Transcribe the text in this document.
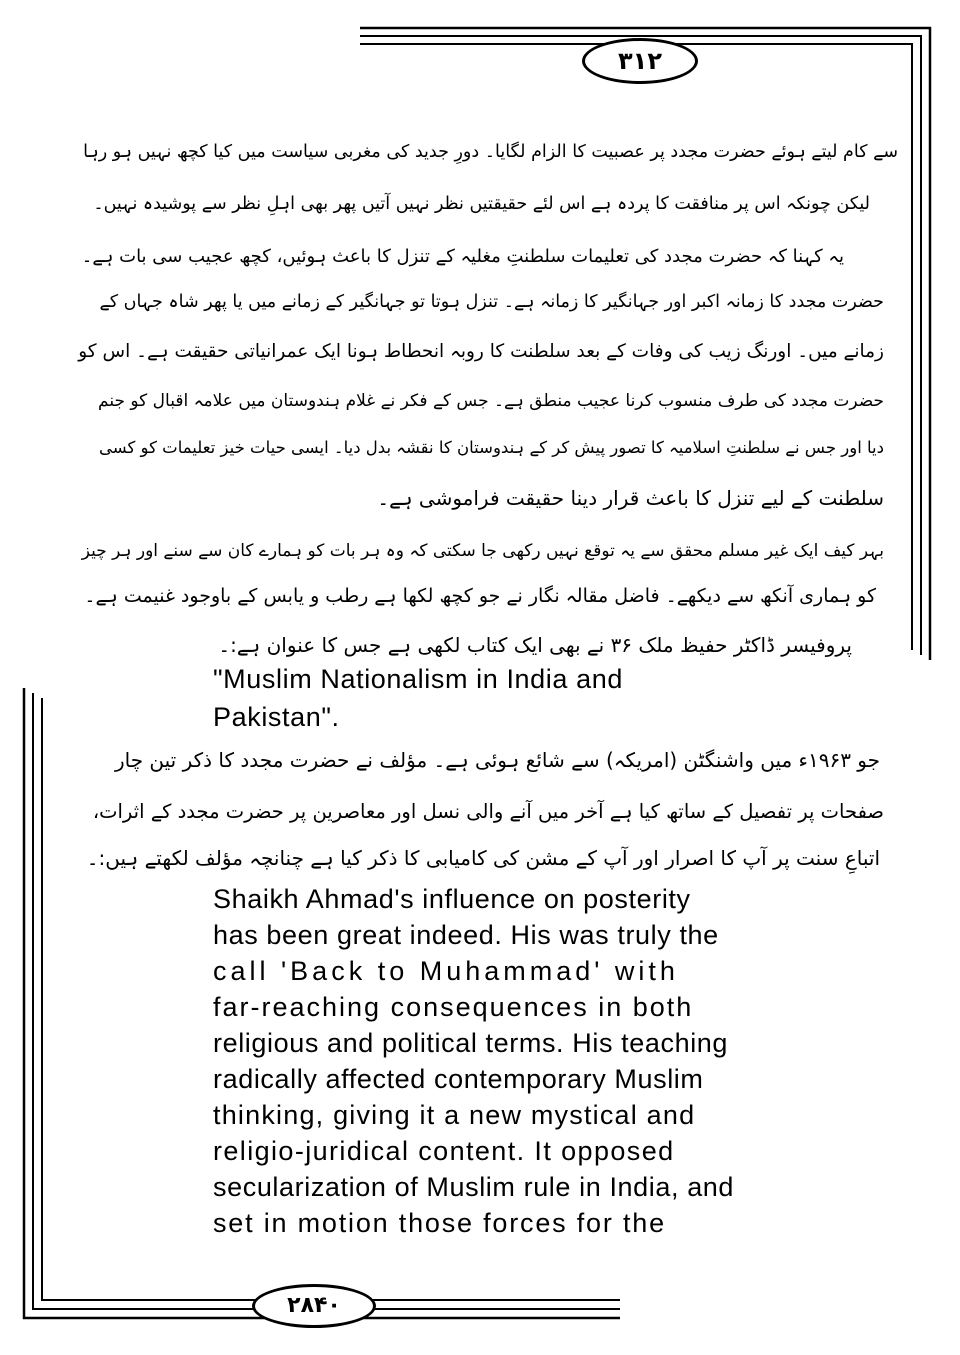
۳۱۲
۲۸۴۰
سے کام لیتے ہوئے حضرت مجدد پر عصبیت کا الزام لگایا۔ دورِ جدید کی مغربی سیاست میں کیا کچھ نہیں ہو رہا
لیکن چونکہ اس پر منافقت کا پردہ ہے اس لئے حقیقتیں نظر نہیں آتیں پھر بھی اہلِ نظر سے پوشیدہ نہیں۔
یہ کہنا کہ حضرت مجدد کی تعلیمات سلطنتِ مغلیہ کے تنزل کا باعث ہوئیں، کچھ عجیب سی بات ہے۔
حضرت مجدد کا زمانہ اکبر اور جہانگیر کا زمانہ ہے۔ تنزل ہوتا تو جہانگیر کے زمانے میں یا پھر شاہ جہاں کے
زمانے میں۔ اورنگ زیب کی وفات کے بعد سلطنت کا روبہ انحطاط ہونا ایک عمرانیاتی حقیقت ہے۔ اس کو
حضرت مجدد کی طرف منسوب کرنا عجیب منطق ہے۔ جس کے فکر نے غلام ہندوستان میں علامہ اقبال کو جنم
دیا اور جس نے سلطنتِ اسلامیہ کا تصور پیش کر کے ہندوستان کا نقشہ بدل دیا۔ ایسی حیات خیز تعلیمات کو کسی
سلطنت کے لیے تنزل کا باعث قرار دینا حقیقت فراموشی ہے۔
بہر کیف ایک غیر مسلم محقق سے یہ توقع نہیں رکھی جا سکتی کہ وہ ہر بات کو ہمارے کان سے سنے اور ہر چیز
کو ہماری آنکھ سے دیکھے۔ فاضل مقالہ نگار نے جو کچھ لکھا ہے رطب و یابس کے باوجود غنیمت ہے۔
پروفیسر ڈاکٹر حفیظ ملک ۳۶ نے بھی ایک کتاب لکھی ہے جس کا عنوان ہے:۔
"Muslim Nationalism in India and
Pakistan".
جو ۱۹۶۳ء میں واشنگٹن (امریکہ) سے شائع ہوئی ہے۔ مؤلف نے حضرت مجدد کا ذکر تین چار
صفحات پر تفصیل کے ساتھ کیا ہے آخر میں آنے والی نسل اور معاصرین پر حضرت مجدد کے اثرات،
اتباعِ سنت پر آپ کا اصرار اور آپ کے مشن کی کامیابی کا ذکر کیا ہے چنانچہ مؤلف لکھتے ہیں:۔
Shaikh Ahmad's influence on posterity
has been great indeed. His was truly the
call 'Back to Muhammad' with
far-reaching consequences in both
religious and political terms. His teaching
radically affected contemporary Muslim
thinking, giving it a new mystical and
religio-juridical content. It opposed
secularization of Muslim rule in India, and
set in motion those forces for the
